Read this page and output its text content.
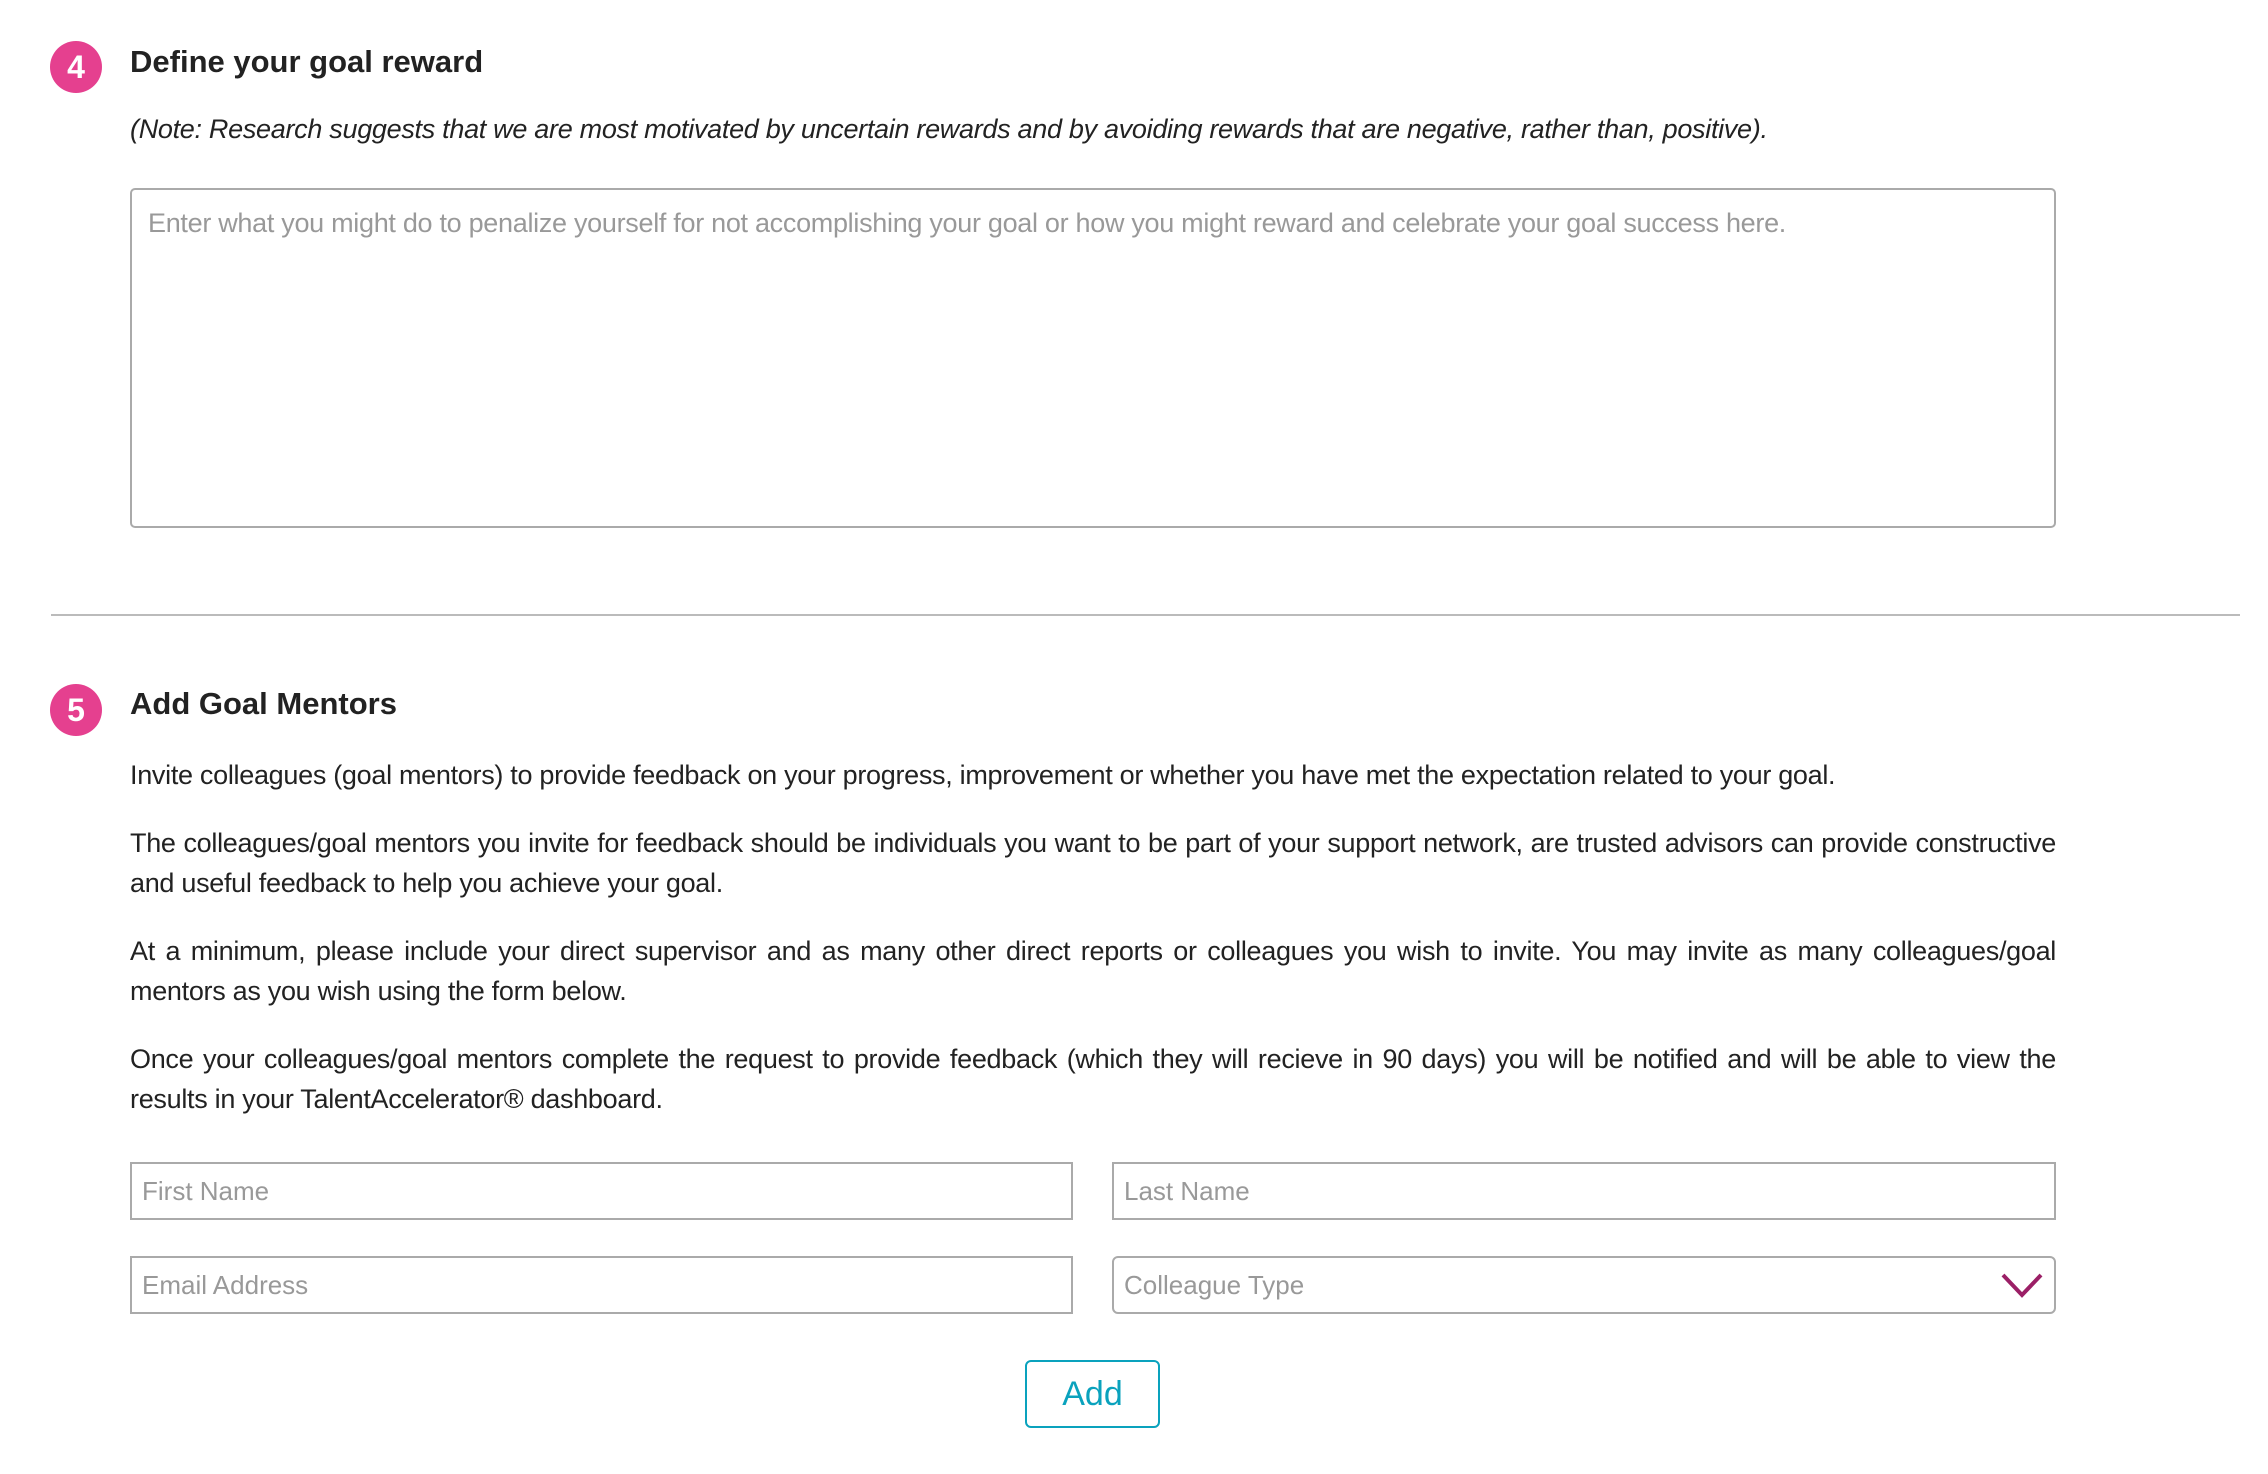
4	Define your goal reward
(Note: Research suggests that we are most motivated by uncertain rewards and by avoiding rewards that are negative, rather than, positive).
Enter what you might do to penalize yourself for not accomplishing your goal or how you might reward and celebrate your goal success here.
5	Add Goal Mentors

Invite colleagues (goal mentors) to provide feedback on your progress, improvement or whether you have met the expectation related to your goal.

The colleagues/goal mentors you invite for feedback should be individuals you want to be part of your support network, are trusted advisors can provide constructive and useful feedback to help you achieve your goal.

At a minimum, please include your direct supervisor and as many other direct reports or colleagues you wish to invite. You may invite as many colleagues/goal mentors as you wish using the form below.

Once your colleagues/goal mentors complete the request to provide feedback (which they will recieve in 90 days) you will be notified and will be able to view the results in your TalentAccelerator® dashboard.

First Name
Last Name
Email Address
Colleague Type
Add
